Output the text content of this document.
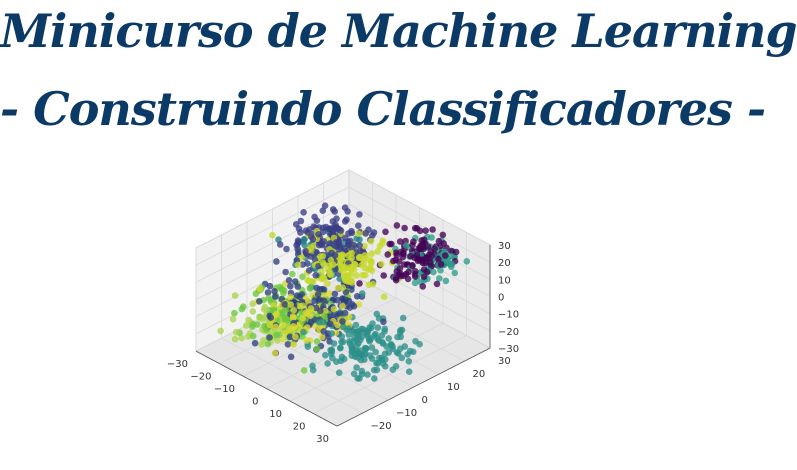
Minicurso de Machine Learning
- Construindo Classificadores -
−30
−20
−10
0
10
20
30
−20
−10
0
10
20
30
30
20
10
0
−10
−20
−30
